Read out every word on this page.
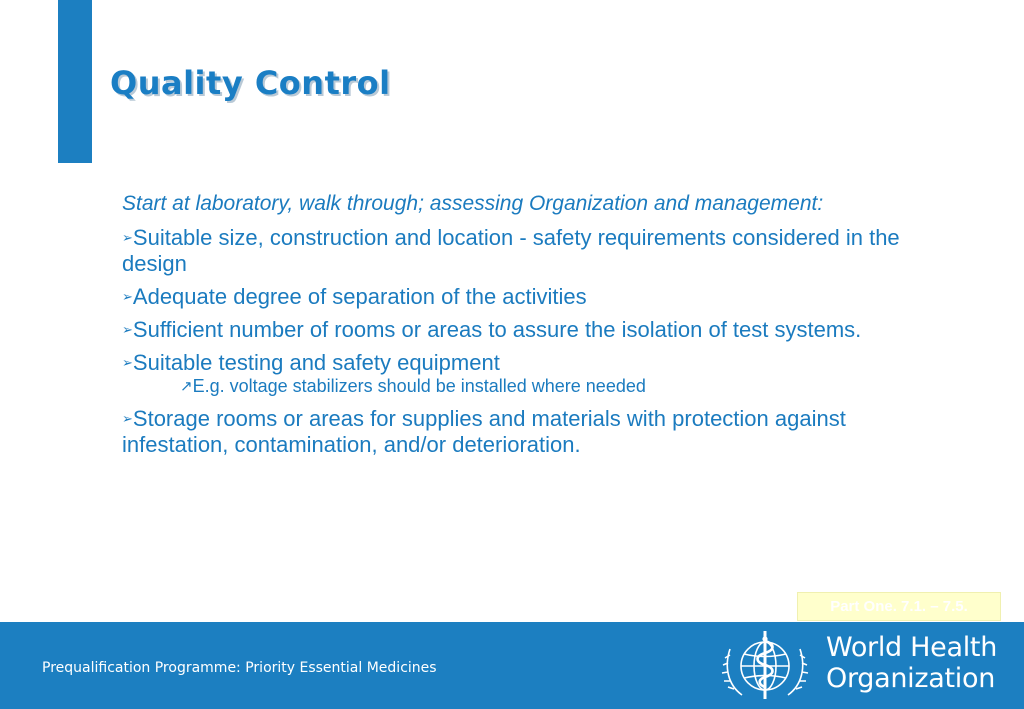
Quality Control

Start at laboratory, walk through; assessing Organization and management:

➢Suitable size, construction and location - safety requirements considered in the design

➢Adequate degree of separation of the activities

➢Sufficient number of rooms or areas to assure the isolation of test systems.

➢Suitable testing and safety equipment

↗E.g. voltage stabilizers should be installed where needed

➢Storage rooms or areas for supplies and materials with protection against infestation, contamination, and/or deterioration.

Part One. 7.1. – 7.5.
Prequalification Programme: Priority Essential Medicines
World Health
Organization
